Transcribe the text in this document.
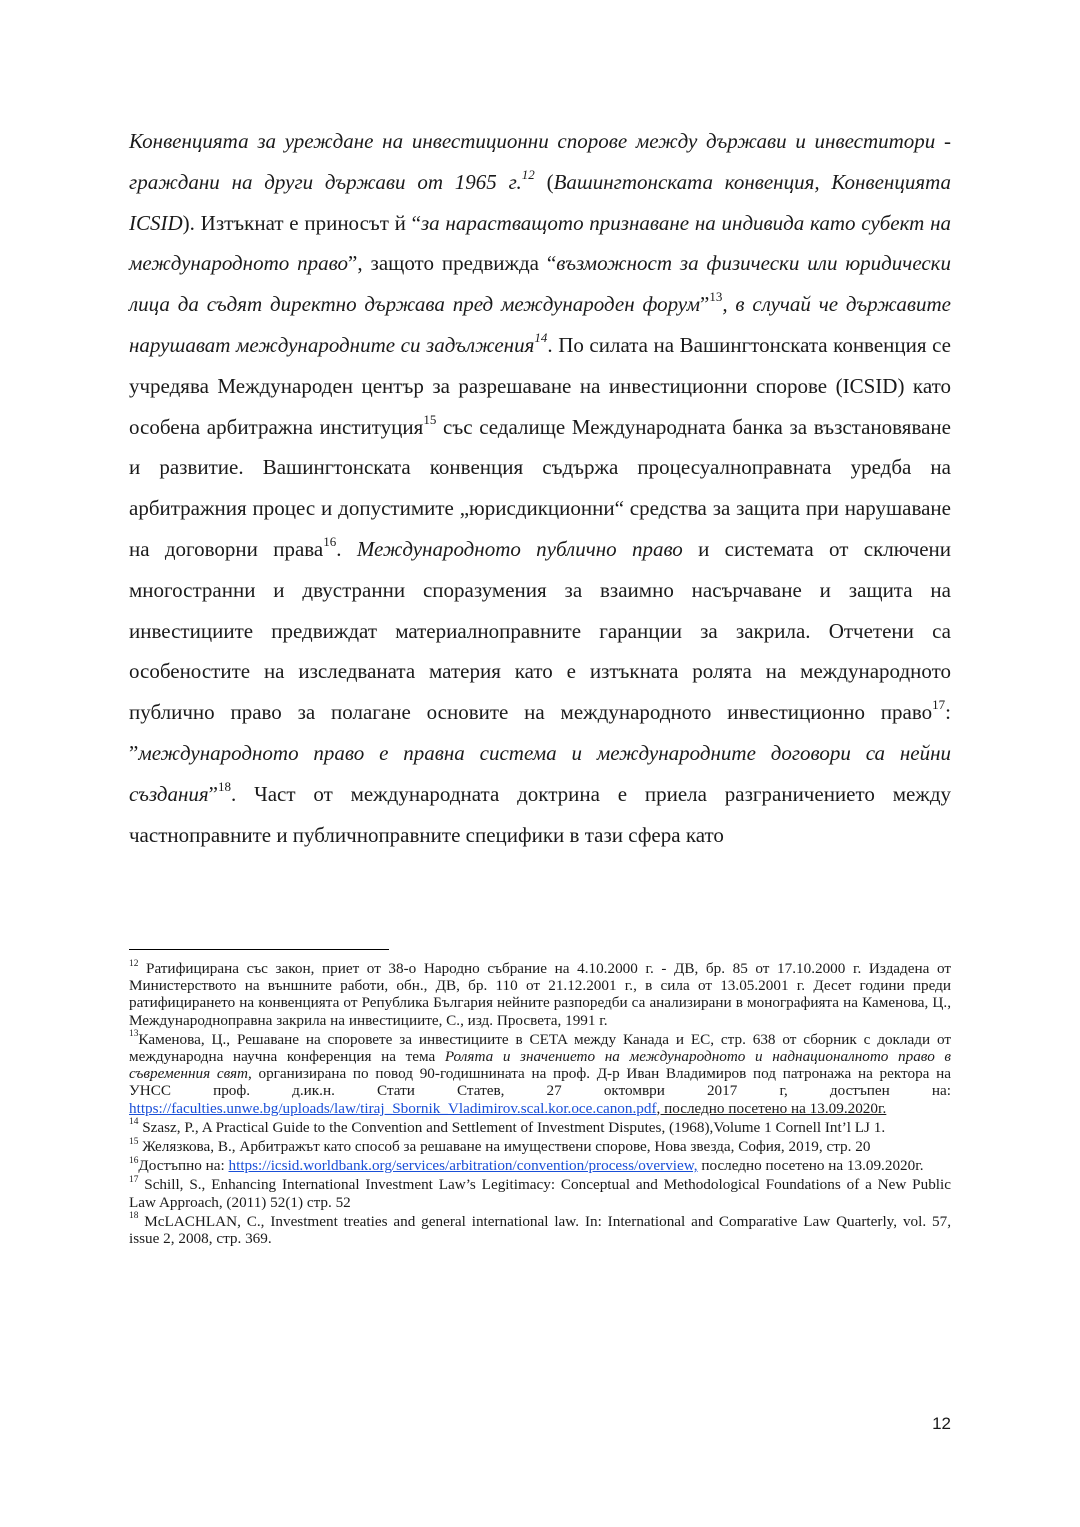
Конвенцията за уреждане на инвестиционни спорове между държави и инвеститори - граждани на други държави от 1965 г.$^{12}$ (Вашингтонската конвенция, Конвенцията ICSID). Изтъкнат е приносът й “за нарастващото признаване на индивида като субект на международното право”, защото предвижда “възможност за физически или юридически лица да съдят директно държава пред международен форум”$^{13}$, в случай че държавите нарушават международните си задължения$^{14}$. По силата на Вашингтонската конвенция се учредява Международен център за разрешаване на инвестиционни спорове (ICSID) като особена арбитражна институция$^{15}$ със седалище Международната банка за възстановяване и развитие. Вашингтонската конвенция съдържа процесуалноправната уредба на арбитражния процес и допустимите „юрисдикционни“ средства за защита при нарушаване на договорни права$^{16}$. Международното публично право и системата от сключени многостранни и двустранни споразумения за взаимно насърчаване и защита на инвестициите предвиждат материалноправните гаранции за закрила. Отчетени са особеностите на изследваната материя като е изтъкната ролята на международното публично право за полагане основите на международното инвестиционно право$^{17}$: ”международното право е правна система и международните договори са нейни създания”$^{18}$. Част от международната доктрина е приела разграничението между частноправните и публичноправните специфики в тази сфера като

$^{12}$ Ратифицирана със закон, приет от 38-о Народно събрание на 4.10.2000 г. - ДВ, бр. 85 от 17.10.2000 г. Издадена от Министерството на външните работи, обн., ДВ, бр. 110 от 21.12.2001 г., в сила от 13.05.2001 г. Десет години преди ратифицирането на конвенцията от Република България нейните разпоредби са анализирани в монографията на Каменова, Ц., Международноправна закрила на инвестициите, С., изд. Просвета, 1991 г.

$^{13}$Каменова, Ц., Решаване на споровете за инвестициите в CETA между Канада и ЕС, стр. 638 от сборник с доклади от международна научна конференция на тема Ролята и значението на международното и наднационалното право в съвременния свят, организирана по повод 90-годишнината на проф. Д-р Иван Владимиров под патронажа на ректора на УНСС проф. д.ик.н. Стати Статев, 27 октомври 2017 г, достъпен на: https://faculties.unwe.bg/uploads/law/tiraj_Sbornik_Vladimirov.scal.kor.oce.canon.pdf, последно посетено на 13.09.2020г.

$^{14}$ Szasz, P., A Practical Guide to the Convention and Settlement of Investment Disputes, (1968),Volume 1 Cornell Int’l LJ 1.

$^{15}$ Желязкова, В., Арбитражът като способ за решаване на имуществени спорове, Нова звезда, София, 2019, стр. 20

$^{16}$Достъпно на: https://icsid.worldbank.org/services/arbitration/convention/process/overview, последно посетено на 13.09.2020г.

$^{17}$ Schill, S., Enhancing International Investment Law’s Legitimacy: Conceptual and Methodological Foundations of a New Public Law Approach, (2011) 52(1) стр. 52

$^{18}$ McLACHLAN, C., Investment treaties and general international law. In: International and Comparative Law Quarterly, vol. 57, issue 2, 2008, стр. 369.

12
